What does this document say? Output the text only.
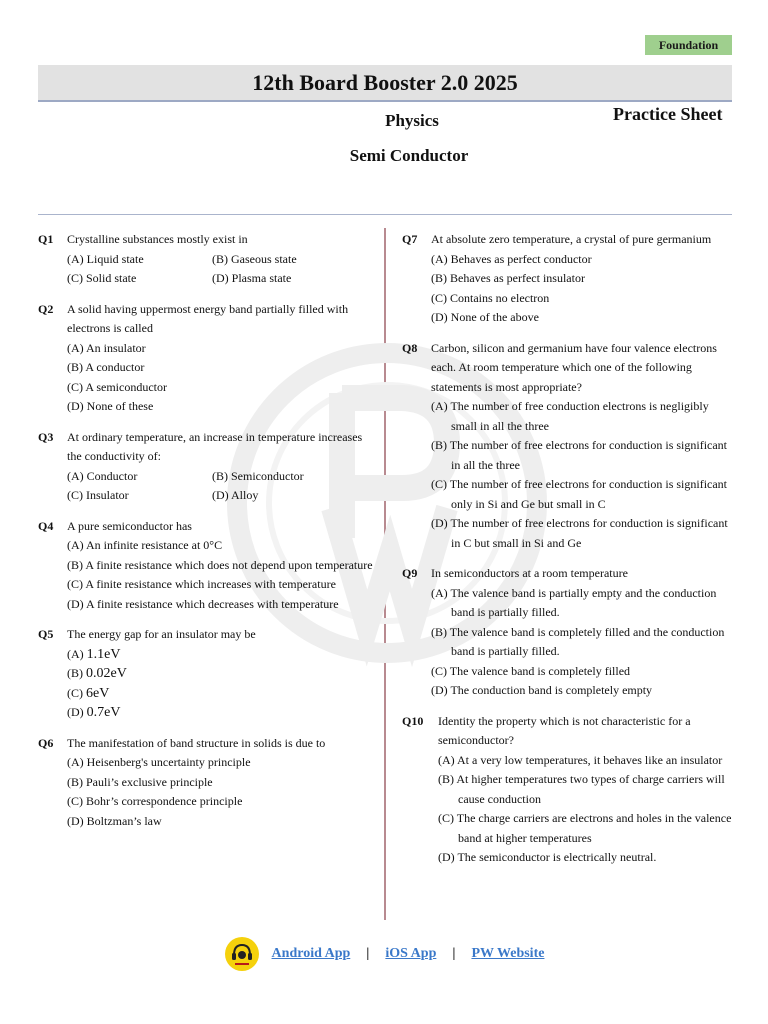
Foundation
12th Board Booster 2.0 2025
Physics	Practice Sheet
Semi Conductor
Q1 Crystalline substances mostly exist in
(A) Liquid state	(B) Gaseous state
(C) Solid state	(D) Plasma state
Q2 A solid having uppermost energy band partially filled with electrons is called
(A) An insulator
(B) A conductor
(C) A semiconductor
(D) None of these
Q3 At ordinary temperature, an increase in temperature increases the conductivity of:
(A) Conductor	(B) Semiconductor
(C) Insulator	(D) Alloy
Q4 A pure semiconductor has
(A) An infinite resistance at 0°C
(B) A finite resistance which does not depend upon temperature
(C) A finite resistance which increases with temperature
(D) A finite resistance which decreases with temperature
Q5 The energy gap for an insulator may be
(A) 1.1eV
(B) 0.02eV
(C) 6eV
(D) 0.7eV
Q6 The manifestation of band structure in solids is due to
(A) Heisenberg's uncertainty principle
(B) Pauli’s exclusive principle
(C) Bohr’s correspondence principle
(D) Boltzman’s law
Q7 At absolute zero temperature, a crystal of pure germanium
(A) Behaves as perfect conductor
(B) Behaves as perfect insulator
(C) Contains no electron
(D) None of the above
Q8 Carbon, silicon and germanium have four valence electrons each. At room temperature which one of the following statements is most appropriate?
(A) The number of free conduction electrons is negligibly small in all the three
(B) The number of free electrons for conduction is significant in all the three
(C) The number of free electrons for conduction is significant only in Si and Ge but small in C
(D) The number of free electrons for conduction is significant in C but small in Si and Ge
Q9 In semiconductors at a room temperature
(A) The valence band is partially empty and the conduction band is partially filled.
(B) The valence band is completely filled and the conduction band is partially filled.
(C) The valence band is completely filled
(D) The conduction band is completely empty
Q10 Identity the property which is not characteristic for a semiconductor?
(A) At a very low temperatures, it behaves like an insulator
(B) At higher temperatures two types of charge carriers will cause conduction
(C) The charge carriers are electrons and holes in the valence band at higher temperatures
(D) The semiconductor is electrically neutral.
Android App | iOS App | PW Website
